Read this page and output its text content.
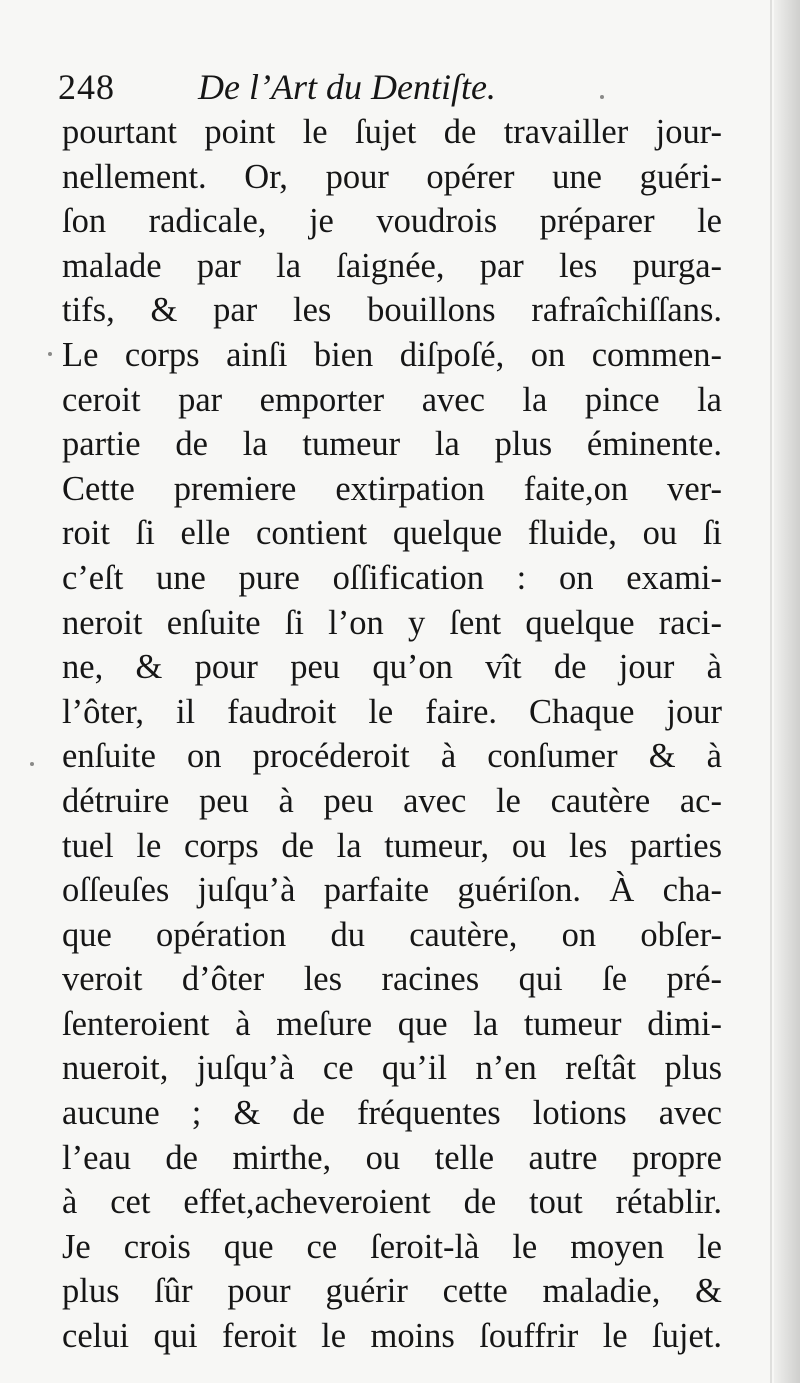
248 De l’Art du Dentiſte.
pourtant point le ſujet de travailler jour-
nellement. Or, pour opérer une guéri-
ſon radicale, je voudrois préparer le
malade par la ſaignée, par les purga-
tifs, & par les bouillons rafraîchiſſans.
Le corps ainſi bien diſpoſé, on commen-
ceroit par emporter avec la pince la
partie de la tumeur la plus éminente.
Cette premiere extirpation faite,on ver-
roit ſi elle contient quelque fluide, ou ſi
c’eſt une pure oſſification : on exami-
neroit enſuite ſi l’on y ſent quelque raci-
ne, & pour peu qu’on vît de jour à
l’ôter, il faudroit le faire. Chaque jour
enſuite on procéderoit à conſumer & à
détruire peu à peu avec le cautère ac-
tuel le corps de la tumeur, ou les parties
oſſeuſes juſqu’à parfaite guériſon. À cha-
que opération du cautère, on obſer-
veroit d’ôter les racines qui ſe pré-
ſenteroient à meſure que la tumeur dimi-
nueroit, juſqu’à ce qu’il n’en reſtât plus
aucune ; & de fréquentes lotions avec
l’eau de mirthe, ou telle autre propre
à cet effet,acheveroient de tout rétablir.
Je crois que ce ſeroit-là le moyen le
plus ſûr pour guérir cette maladie, &
celui qui feroit le moins ſouffrir le ſujet.
